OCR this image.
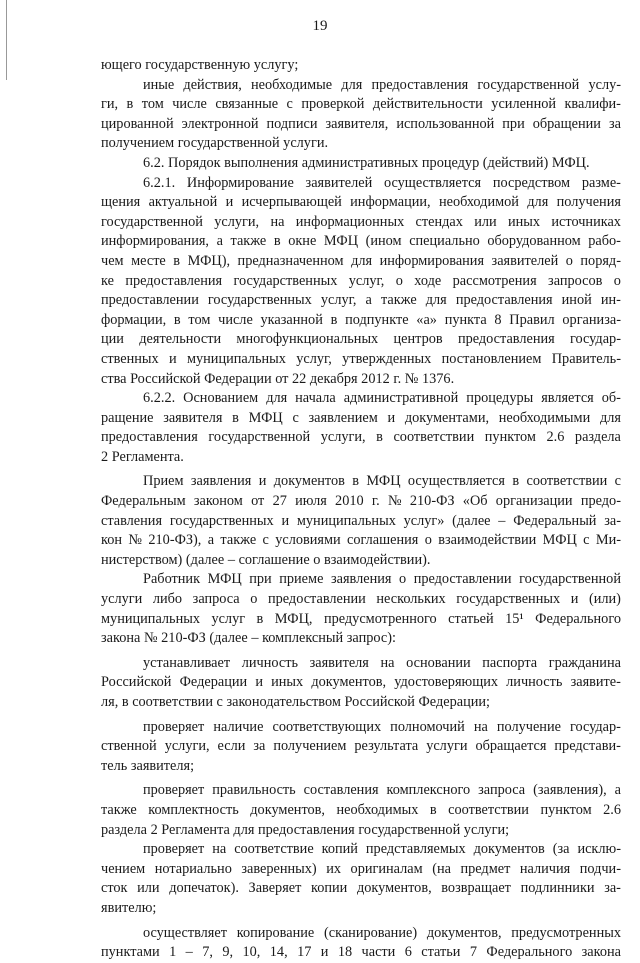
19
ющего государственную услугу;
иные действия, необходимые для предоставления государственной услу-
ги, в том числе связанные с проверкой действительности усиленной квалифи-
цированной электронной подписи заявителя, использованной при обращении за
получением государственной услуги.
6.2. Порядок выполнения административных процедур (действий) МФЦ.
6.2.1. Информирование заявителей осуществляется посредством разме-
щения актуальной и исчерпывающей информации, необходимой для получения
государственной услуги, на информационных стендах или иных источниках
информирования, а также в окне МФЦ (ином специально оборудованном рабо-
чем месте в МФЦ), предназначенном для информирования заявителей о поряд-
ке предоставления государственных услуг, о ходе рассмотрения запросов о
предоставлении государственных услуг, а также для предоставления иной ин-
формации, в том числе указанной в подпункте «а» пункта 8 Правил организа-
ции деятельности многофункциональных центров предоставления государ-
ственных и муниципальных услуг, утвержденных постановлением Правитель-
ства Российской Федерации от 22 декабря 2012 г. № 1376.
6.2.2. Основанием для начала административной процедуры является об-
ращение заявителя в МФЦ с заявлением и документами, необходимыми для
предоставления государственной услуги, в соответствии пунктом 2.6 раздела
2 Регламента.
Прием заявления и документов в МФЦ осуществляется в соответствии с
Федеральным законом от 27 июля 2010 г. № 210-ФЗ «Об организации предо-
ставления государственных и муниципальных услуг» (далее – Федеральный за-
кон № 210-ФЗ), а также с условиями соглашения о взаимодействии МФЦ с Ми-
нистерством) (далее – соглашение о взаимодействии).
Работник МФЦ при приеме заявления о предоставлении государственной
услуги либо запроса о предоставлении нескольких государственных и (или)
муниципальных услуг в МФЦ, предусмотренного статьей 15¹ Федерального
закона № 210-ФЗ (далее – комплексный запрос):
устанавливает личность заявителя на основании паспорта гражданина
Российской Федерации и иных документов, удостоверяющих личность заявите-
ля, в соответствии с законодательством Российской Федерации;
проверяет наличие соответствующих полномочий на получение государ-
ственной услуги, если за получением результата услуги обращается представи-
тель заявителя;
проверяет правильность составления комплексного запроса (заявления), а
также комплектность документов, необходимых в соответствии пунктом 2.6
раздела 2 Регламента для предоставления государственной услуги;
проверяет на соответствие копий представляемых документов (за исклю-
чением нотариально заверенных) их оригиналам (на предмет наличия подчи-
сток или допечаток). Заверяет копии документов, возвращает подлинники за-
явителю;
осуществляет копирование (сканирование) документов, предусмотренных
пунктами 1 – 7, 9, 10, 14, 17 и 18 части 6 статьи 7 Федерального закона
